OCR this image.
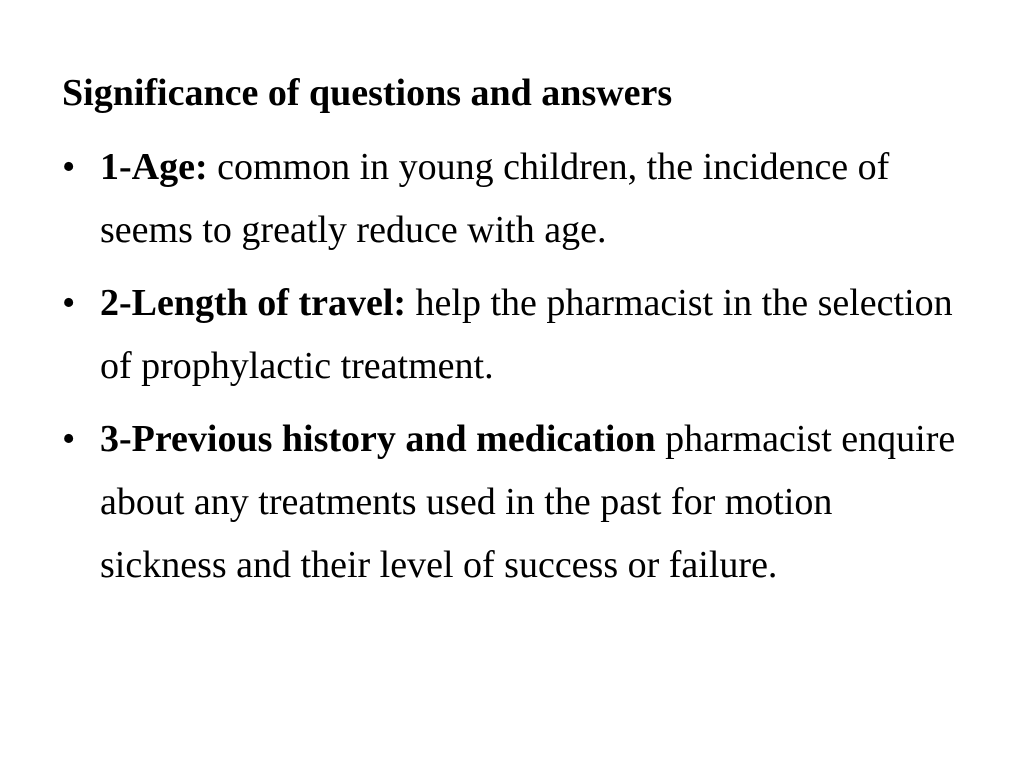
Significance of questions and answers
• 1-Age: common in young children, the incidence of seems to greatly reduce with age.
• 2-Length of travel: help the pharmacist in the selection of prophylactic treatment.
• 3-Previous history and medication pharmacist enquire about any treatments used in the past for motion sickness and their level of success or failure.
